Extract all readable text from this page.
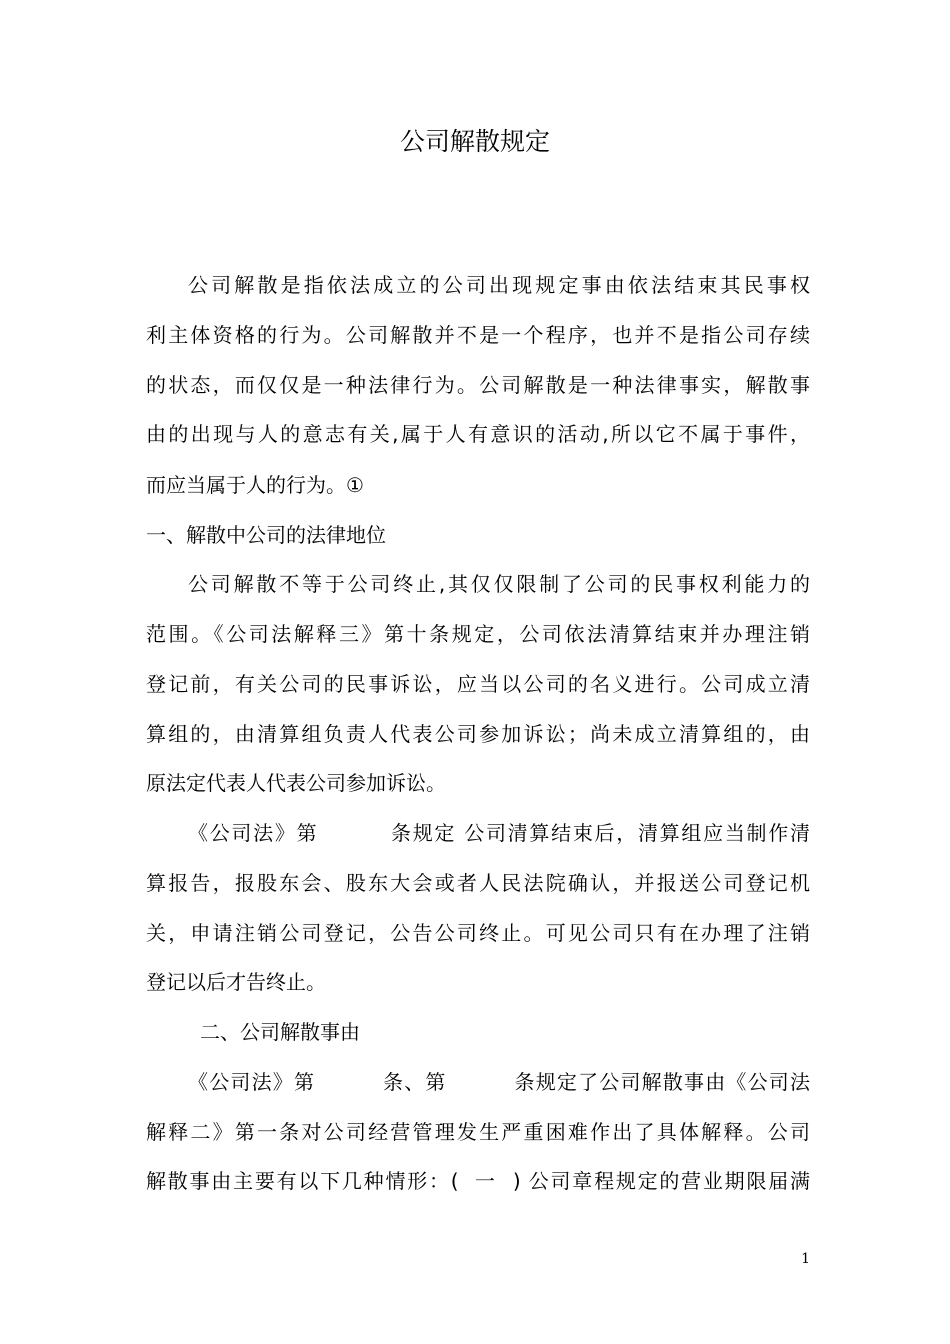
公司解散规定

公司解散是指依法成立的公司出现规定事由依法结束其民事权

利主体资格的行为。公司解散并不是一个程序，也并不是指公司存续

的状态，而仅仅是一种法律行为。公司解散是一种法律事实，解散事

由的出现与人的意志有关,属于人有意识的活动,所以它不属于事件，

而应当属于人的行为。①

一、解散中公司的法律地位

公司解散不等于公司终止,其仅仅限制了公司的民事权利能力的

范围。《公司法解释三》第十条规定，公司依法清算结束并办理注销

登记前，有关公司的民事诉讼，应当以公司的名义进行。公司成立清

算组的，由清算组负责人代表公司参加诉讼；尚未成立清算组的，由

原法定代表人代表公司参加诉讼。

《公司法》第         条规定 公司清算结束后，清算组应当制作清

算报告，报股东会、股东大会或者人民法院确认，并报送公司登记机

关，申请注销公司登记，公告公司终止。可见公司只有在办理了注销

登记以后才告终止。

二、公司解散事由

《公司法》第         条、第         条规定了公司解散事由《公司法

解释二》第一条对公司经营管理发生严重困难作出了具体解释。公司

解散事由主要有以下几种情形：(  一  ) 公司章程规定的营业期限届满

1
